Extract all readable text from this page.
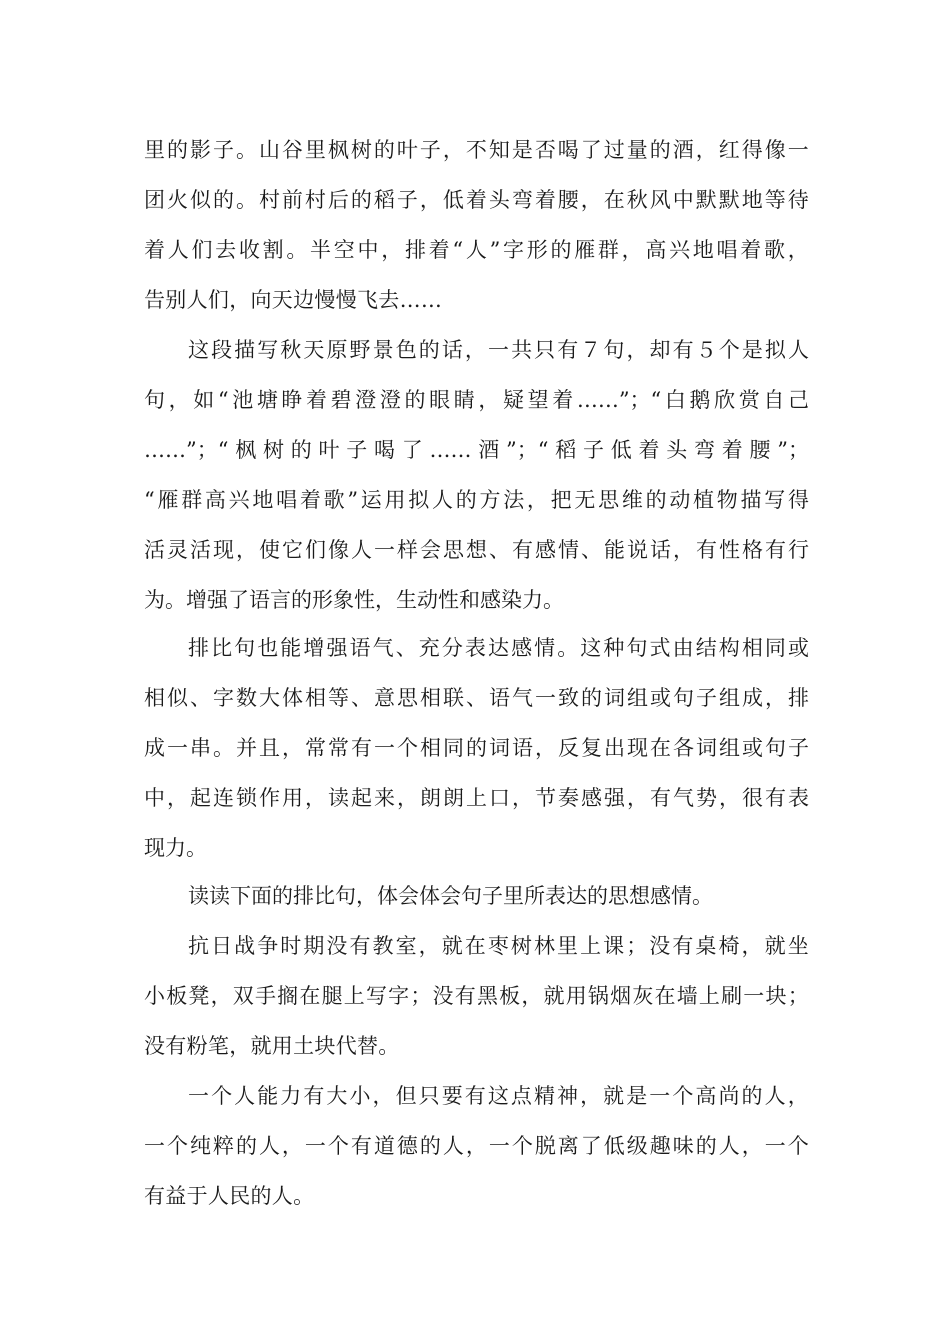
里的影子。山谷里枫树的叶子，不知是否喝了过量的酒，红得像一
团火似的。村前村后的稻子，低着头弯着腰，在秋风中默默地等待
着人们去收割。半空中，排着“人”字形的雁群，高兴地唱着歌，
告别人们，向天边慢慢飞去……
这段描写秋天原野景色的话，一共只有７句，却有５个是拟人
句，如“池塘睁着碧澄澄的眼睛，疑望着……”；“白鹅欣赏自己
……”；“枫树的叶子喝了……酒”；“稻子低着头弯着腰”；
“雁群高兴地唱着歌”运用拟人的方法，把无思维的动植物描写得
活灵活现，使它们像人一样会思想、有感情、能说话，有性格有行
为。增强了语言的形象性，生动性和感染力。
排比句也能增强语气、充分表达感情。这种句式由结构相同或
相似、字数大体相等、意思相联、语气一致的词组或句子组成，排
成一串。并且，常常有一个相同的词语，反复出现在各词组或句子
中，起连锁作用，读起来，朗朗上口，节奏感强，有气势，很有表
现力。
读读下面的排比句，体会体会句子里所表达的思想感情。
抗日战争时期没有教室，就在枣树林里上课；没有桌椅，就坐
小板凳，双手搁在腿上写字；没有黑板，就用锅烟灰在墙上刷一块；
没有粉笔，就用土块代替。
一个人能力有大小，但只要有这点精神，就是一个高尚的人，
一个纯粹的人，一个有道德的人，一个脱离了低级趣味的人，一个
有益于人民的人。
